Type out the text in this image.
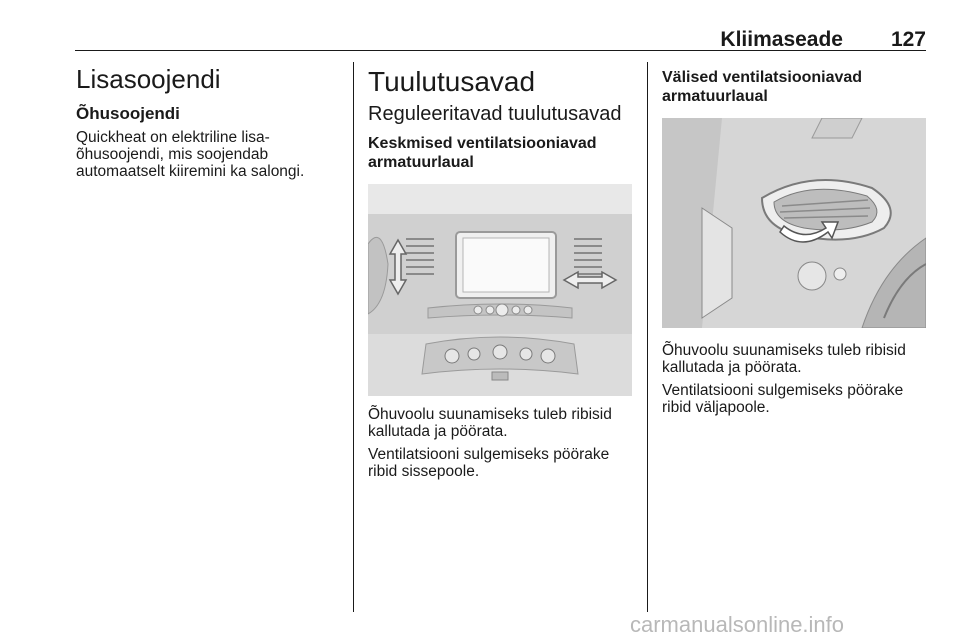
Kliimaseade 127
Lisasoojendi
Õhusoojendi

Quickheat on elektriline lisa-õhusoojendi, mis soojendab automaatselt kiiremini ka salongi.

Tuulutusavad
Reguleeritavad tuulutusavad
Keskmised ventilatsiooniavad armatuurlaual

Õhuvoolu suunamiseks tuleb ribisid kallutada ja pöörata.

Ventilatsiooni sulgemiseks pöörake ribid sissepoole.

Välised ventilatsiooniavad armatuurlaual

Õhuvoolu suunamiseks tuleb ribisid kallutada ja pöörata.

Ventilatsiooni sulgemiseks pöörake ribid väljapoole.

carmanualsonline.info
